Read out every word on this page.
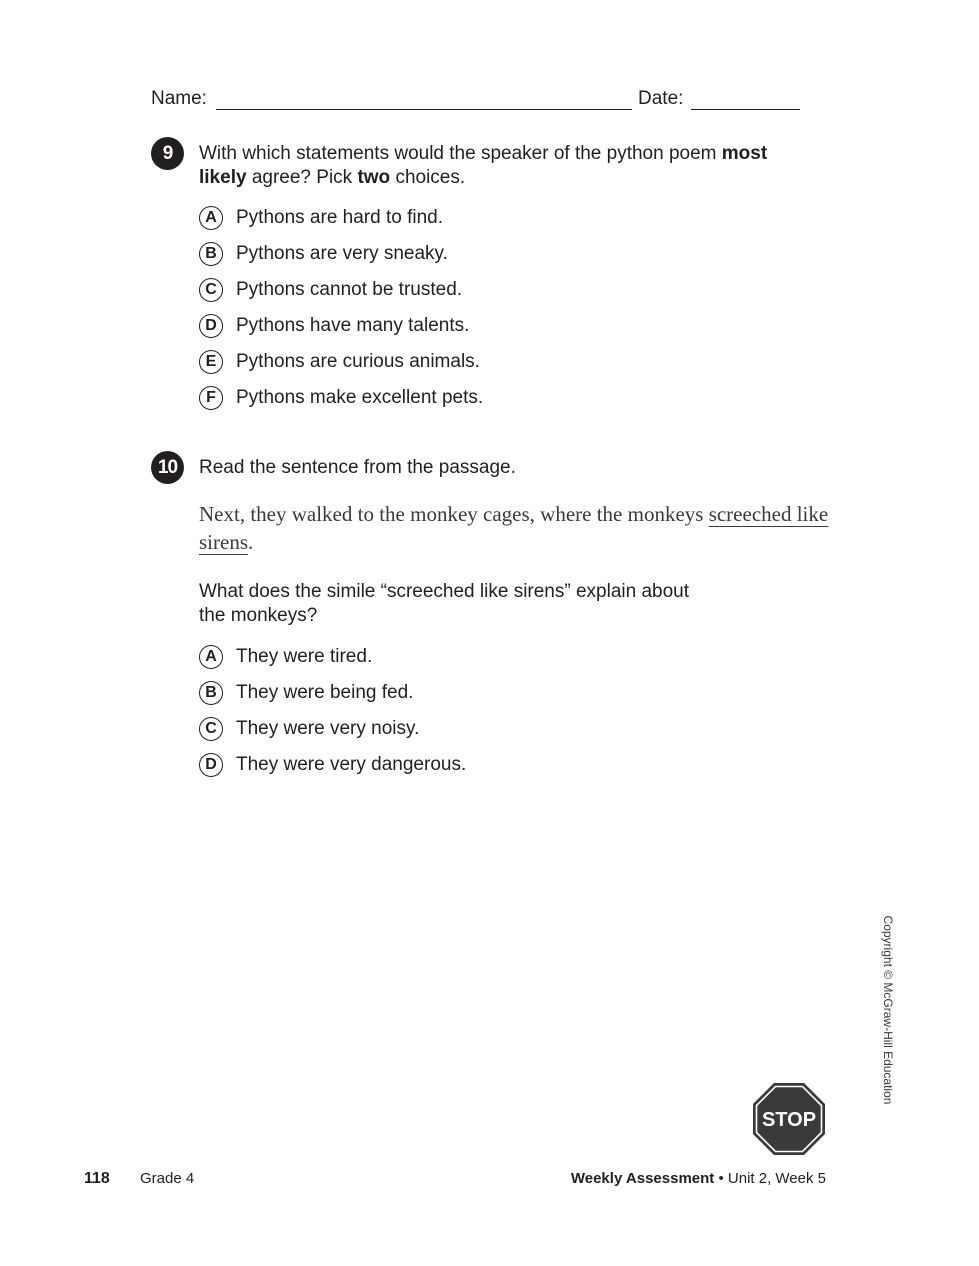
Name:	Date:
9	With which statements would the speaker of the python poem most likely agree? Pick two choices.
A	Pythons are hard to find.
B	Pythons are very sneaky.
C	Pythons cannot be trusted.
D	Pythons have many talents.
E	Pythons are curious animals.
F	Pythons make excellent pets.
10	Read the sentence from the passage.
Next, they walked to the monkey cages, where the monkeys screeched like sirens.
What does the simile “screeched like sirens” explain about
the monkeys?
A	They were tired.
B	They were being fed.
C	They were very noisy.
D	They were very dangerous.
Copyright © McGraw-Hill Education
STOP
118 Grade 4	Weekly Assessment • Unit 2, Week 5
